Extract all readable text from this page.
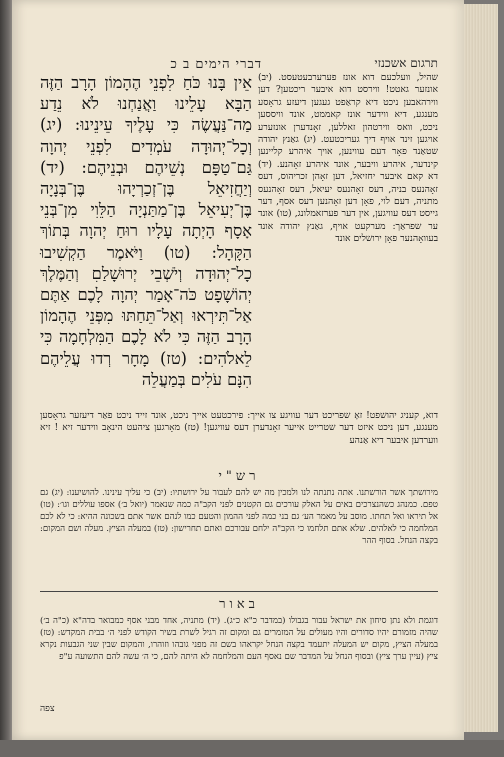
תרגום אשכנזי
דברי הימים ב כ

שהיל, וועלכעם דוא אונז פערערבעטעסט. (יב) אונזער גאטט! ווירסט דוא איבער ריכטען? דען ווירהאבען ניכט דיא קראַפט געגען דיעזע גראָסע מענגע, דיא ווידער אונז קאממט, אונד וויססען ניכט, וואס ווירטהון זאללען, זאָנדערן אונזערע אויגען זינד אויף דיך געריכטעט. (יג) גאַנץ יהודה שטאַנד פאָר דעם עווינען, אויך איהרע קליינען קינדער, איהרע וויבער, אונד איהרע זאָהנע. (יד) דא קאם איבער יחזיאל, דען זאָהן זכריהוס, דעס זאָהנעס בניה, דעס זאָהנעס יעיאל, דעס זאָהנעס מתניה, דעם לוי, פאָן דען זאָהנען דעס אסף, דער גייסט דעס עוויגען, אין דער פערזאמלונג, (טו) אונד ער שפראַך: מערקעט אויף, גאַנץ יהודה אונד בעוואָהנער פאָן ירושלים אונד

אֵין בָּנוּ כֹּחַ לִפְנֵי הֶהָמוֹן הָרָב הַזֶּה הַבָּא עָלֵינוּ וַאֲנַחְנוּ לֹא נֵדַע מַה־נַּעֲשֶׂה כִּי עָלֶיךָ עֵינֵינוּ: (יג) וְכָל־יְהוּדָה עֹמְדִים לִפְנֵי יְהוָה גַּם־טַפָּם נְשֵׁיהֶם וּבְנֵיהֶם: (יד) וְיַחֲזִיאֵל בֶּן־זְכַרְיָהוּ בֶּן־בְּנָיָה בֶּן־יְעִיאֵל בֶּן־מַתַּנְיָה הַלֵּוִי מִן־בְּנֵי אָסָף הָיְתָה עָלָיו רוּחַ יְהוָה בְּתוֹךְ הַקָּהָל: (טו) וַיֹּאמֶר הַקְשִׁיבוּ כָל־יְהוּדָה וְיֹשְׁבֵי יְרוּשָׁלַםִ וְהַמֶּלֶךְ יְהוֹשָׁפָט כֹּה־אָמַר יְהוָה לָכֶם אַתֶּם אַל־תִּירְאוּ וְאַל־תֵּחַתּוּ מִפְּנֵי הֶהָמוֹן הָרָב הַזֶּה כִּי לֹא לָכֶם הַמִּלְחָמָה כִּי לֵאלֹהִים: (טז) מָחָר רְדוּ עֲלֵיהֶם הִנָּם עֹלִים בְּמַעֲלֵה

דוא, קעניג יהושפט! זאָ שפריכט דער עוויגע צו אייך: פירכטעט אייך ניכט, אונד זייד ניכט פאַר דיעזער גראָסען מענגע, דען ניכט איזט דער שטרייט אייער זאָנדערן דעס עוויגען! (טז) מאָרגען ציהעט הינאָב ווידער זיא ! זיא ווערדען איבער דיא אַנהע

רש"י

מירושתך אשר הורשתנו. אתה נתנתה לנו ולמכין מה יש להם לעבור על ירושתיו: (יב) כי עליך עינינו. להושיענו: (יג) גם טפם. כמנהג כשהנצרכים באים על האלק עורכים גם הקטנים לפני הקב"ה כמה שנאמר (יואל ב׳) אספו עוללים וגו׳: (טו) אל תיראו ואל תחתו. מוסב על מאמר הע׳ גם בני כמה לפני ההמון והטעם כמו לנהם אשר אתם בשכונה ההיא: כי לא לכם המלחמה כי לאלהים. שלא אתם תלחמו כי הקב"ה ילחם עבורכם ואתם תחרישון: (טז) במעלה הציץ. מעלה ושם המקום: בקצה הנחל. בסוף ההר

באור

דוגמת ולא נתן סיחון את ישראל עבור בגבולו (במדבר כ"א כ״ג). (יד) מתניה, אחד מבני אסף כמבואר בדה"א (כ"ה ב׳) שהיה מזמורם יהיו סדורים והיו מעולים על המזמרים גם ומקום זה רגיל לשרת בשיר הקודש לפני ה׳ בבית המקדש: (טז) במעלה הציץ, מקום יש המעלה יתעמד בקצה הנחל יקראהו בשם זה מפני גובהו וזוהרו, והמקום שבין שני הגבעות נקרא ציץ (עיין ערך ציץ) ובסוף הנחל על המדבר שם נאסף העם והמלחמה לא היתה להם, כי ה׳ עשה להם התשועה ע"פ

צפה
